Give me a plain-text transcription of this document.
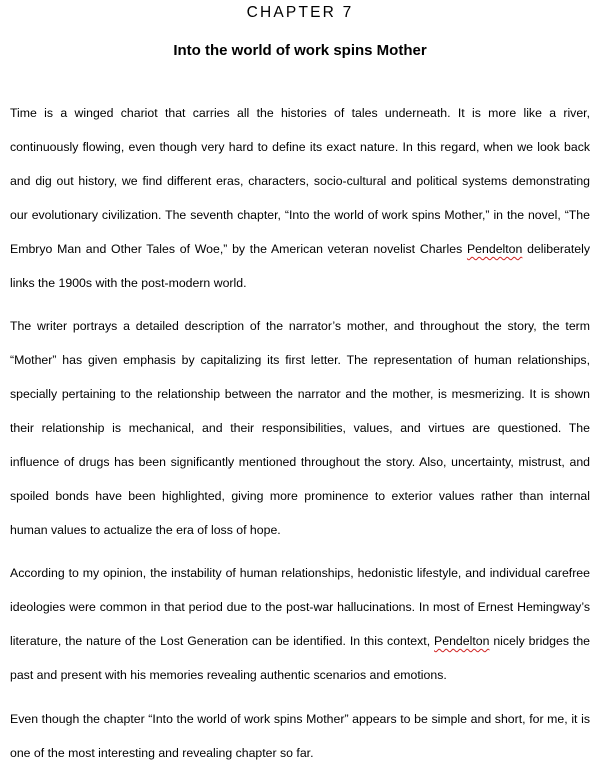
CHAPTER 7
Into the world of work spins Mother

Time is a winged chariot that carries all the histories of tales underneath. It is more like a river, continuously flowing, even though very hard to define its exact nature. In this regard, when we look back and dig out history, we find different eras, characters, socio-cultural and political systems demonstrating our evolutionary civilization. The seventh chapter, “Into the world of work spins Mother,” in the novel, “The Embryo Man and Other Tales of Woe,” by the American veteran novelist Charles Pendelton deliberately links the 1900s with the post-modern world.

The writer portrays a detailed description of the narrator’s mother, and throughout the story, the term “Mother” has given emphasis by capitalizing its first letter. The representation of human relationships, specially pertaining to the relationship between the narrator and the mother, is mesmerizing. It is shown their relationship is mechanical, and their responsibilities, values, and virtues are questioned. The influence of drugs has been significantly mentioned throughout the story. Also, uncertainty, mistrust, and spoiled bonds have been highlighted, giving more prominence to exterior values rather than internal human values to actualize the era of loss of hope.

According to my opinion, the instability of human relationships, hedonistic lifestyle, and individual carefree ideologies were common in that period due to the post-war hallucinations. In most of Ernest Hemingway’s literature, the nature of the Lost Generation can be identified. In this context, Pendelton nicely bridges the past and present with his memories revealing authentic scenarios and emotions.

Even though the chapter “Into the world of work spins Mother” appears to be simple and short, for me, it is one of the most interesting and revealing chapter so far.
